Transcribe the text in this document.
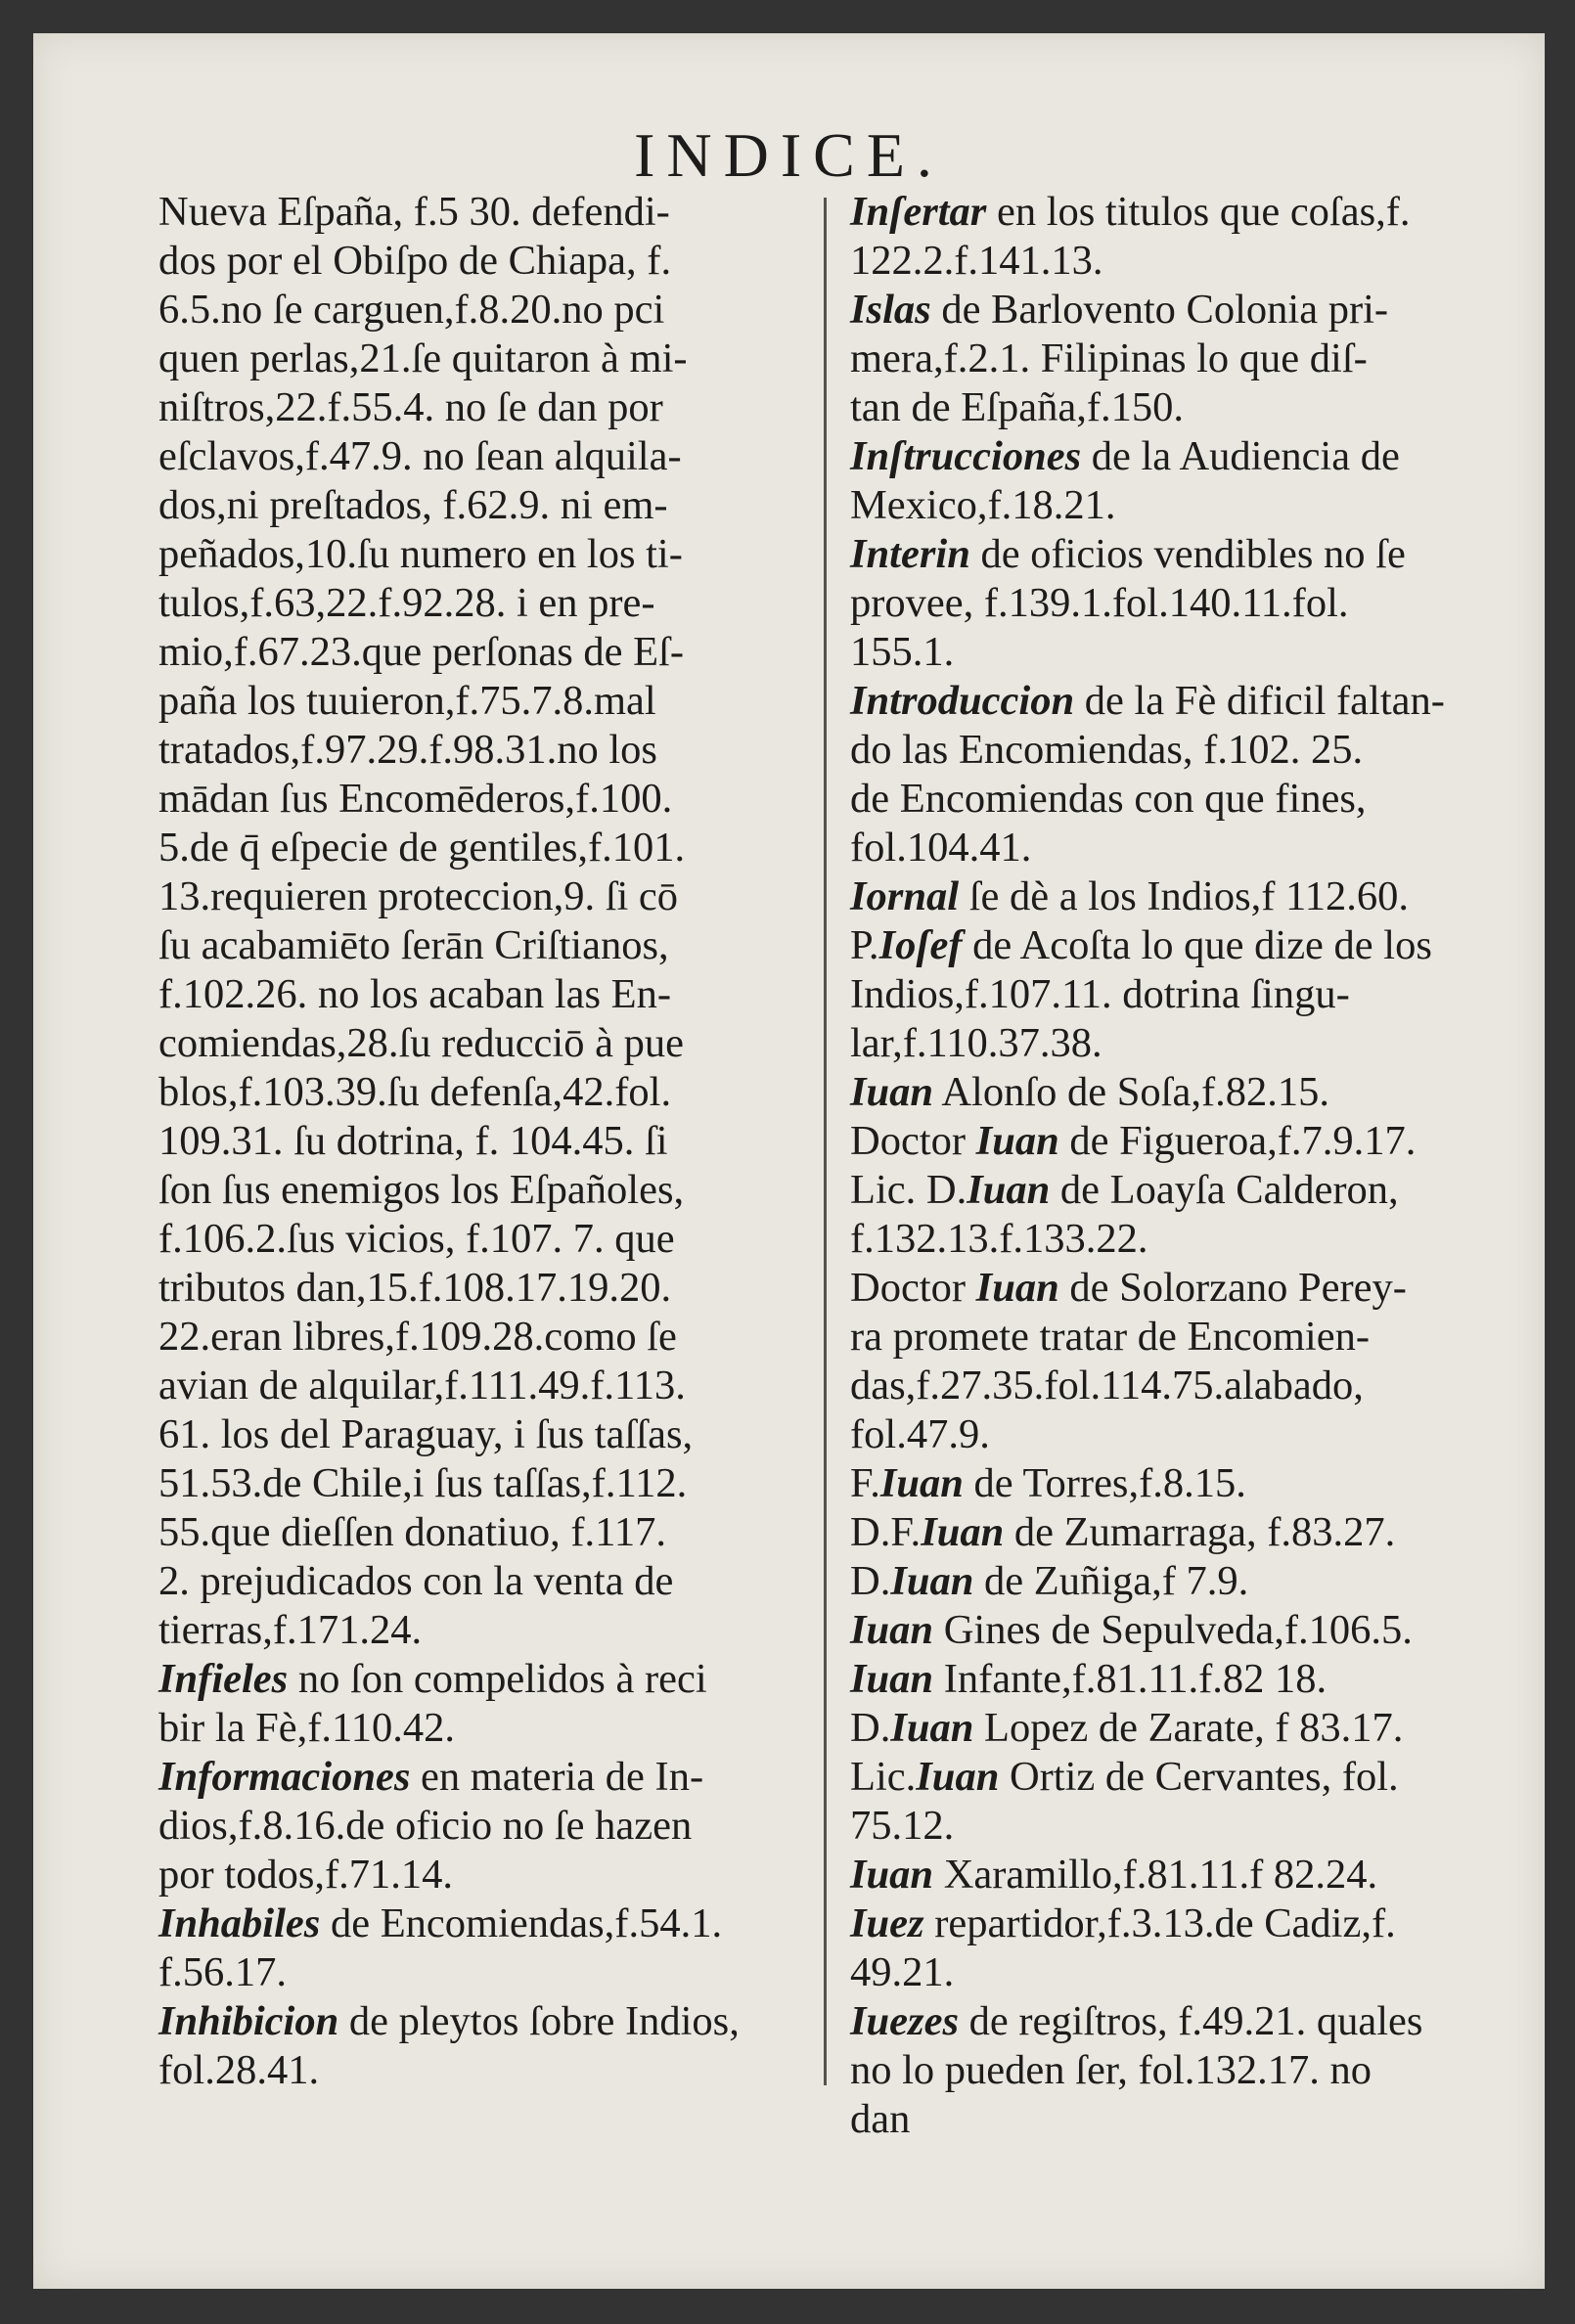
INDICE.
Nueva Eſpaña, f.5 30. defendi-
dos por el Obiſpo de Chiapa, f.
6.5.no ſe carguen,f.8.20.no pci
quen perlas,21.ſe quitaron à mi-
niſtros,22.f.55.4. no ſe dan por
eſclavos,f.47.9. no ſean alquila-
dos,ni preſtados, f.62.9. ni em-
peñados,10.ſu numero en los ti-
tulos,f.63,22.f.92.28. i en pre-
mio,f.67.23.que perſonas de Eſ-
paña los tuuieron,f.75.7.8.mal
tratados,f.97.29.f.98.31.no los
mādan ſus Encomēderos,f.100.
5.de q̄ eſpecie de gentiles,f.101.
13.requieren proteccion,9. ſi cō
ſu acabamiēto ſerān Criſtianos,
f.102.26. no los acaban las En-
comiendas,28.ſu reducciō à pue
blos,f.103.39.ſu defenſa,42.fol.
109.31. ſu dotrina, f. 104.45. ſi
ſon ſus enemigos los Eſpañoles,
f.106.2.ſus vicios, f.107. 7. que
tributos dan,15.f.108.17.19.20.
22.eran libres,f.109.28.como ſe
avian de alquilar,f.111.49.f.113.
61. los del Paraguay, i ſus taſſas,
51.53.de Chile,i ſus taſſas,f.112.
55.que dieſſen donatiuo, f.117.
2. prejudicados con la venta de
tierras,f.171.24.
Infieles no ſon compelidos à reci
bir la Fè,f.110.42.
Informaciones en materia de In-
dios,f.8.16.de oficio no ſe hazen
por todos,f.71.14.
Inhabiles de Encomiendas,f.54.1.
f.56.17.
Inhibicion de pleytos ſobre Indios,
fol.28.41.
Inſertar en los titulos que coſas,f.
122.2.f.141.13.
Islas de Barlovento Colonia pri-
mera,f.2.1. Filipinas lo que diſ-
tan de Eſpaña,f.150.
Inſtrucciones de la Audiencia de
Mexico,f.18.21.
Interin de oficios vendibles no ſe
provee, f.139.1.fol.140.11.fol.
155.1.
Introduccion de la Fè dificil faltan-
do las Encomiendas, f.102. 25.
de Encomiendas con que fines,
fol.104.41.
Iornal ſe dè a los Indios,f 112.60.
P.Ioſef de Acoſta lo que dize de los
Indios,f.107.11. dotrina ſingu-
lar,f.110.37.38.
Iuan Alonſo de Soſa,f.82.15.
Doctor Iuan de Figueroa,f.7.9.17.
Lic. D.Iuan de Loayſa Calderon,
f.132.13.f.133.22.
Doctor Iuan de Solorzano Perey-
ra promete tratar de Encomien-
das,f.27.35.fol.114.75.alabado,
fol.47.9.
F.Iuan de Torres,f.8.15.
D.F.Iuan de Zumarraga, f.83.27.
D.Iuan de Zuñiga,f 7.9.
Iuan Gines de Sepulveda,f.106.5.
Iuan Infante,f.81.11.f.82 18.
D.Iuan Lopez de Zarate, f 83.17.
Lic.Iuan Ortiz de Cervantes, fol.
75.12.
Iuan Xaramillo,f.81.11.f 82.24.
Iuez repartidor,f.3.13.de Cadiz,f.
49.21.
Iuezes de regiſtros, f.49.21. quales
no lo pueden ſer, fol.132.17. no
dan
